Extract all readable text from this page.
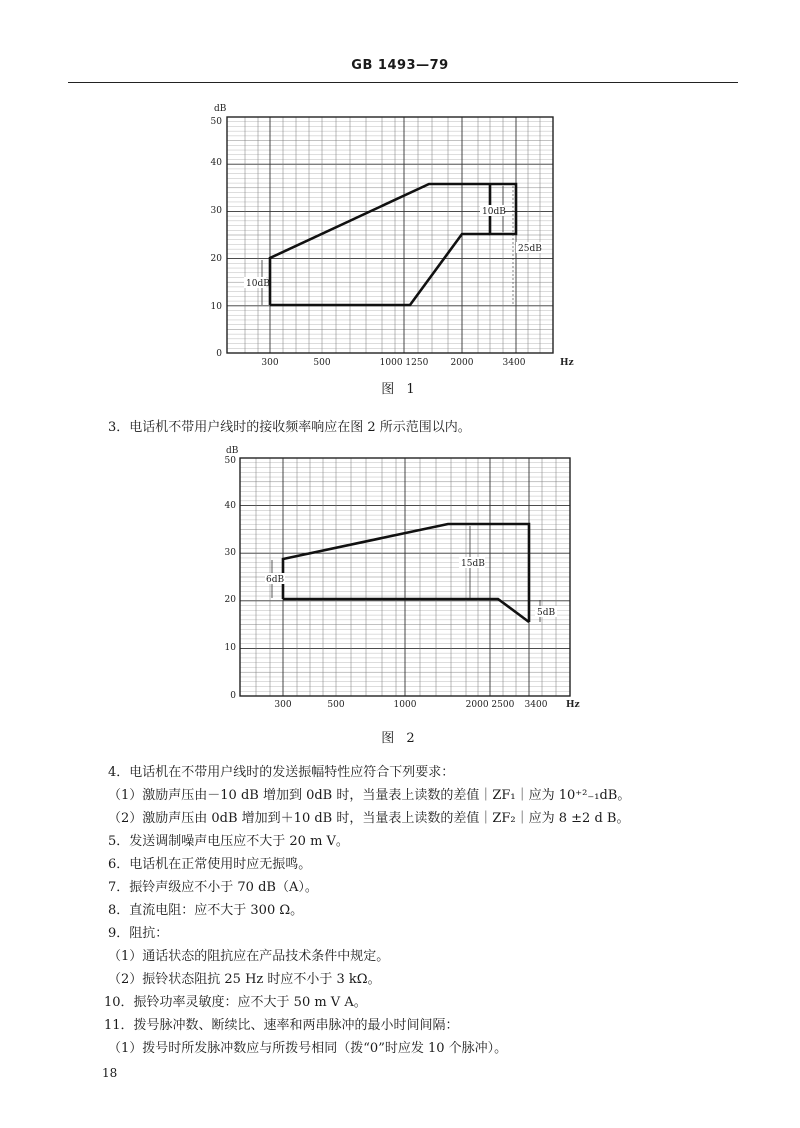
GB 1493—79
dB
50
40
30
20
10
0
300	500	1000 1250 2000	3400	Hz
10dB
10dB
25dB
图 1
3．电话机不带用户线时的接收频率响应在图 2 所示范围以内。
dB
50
40
30
20
10
0
300	500	1000	2000 2500 3400 Hz
6dB
15dB
5dB
图 2
4．电话机在不带用户线时的发送振幅特性应符合下列要求：
（1）激励声压由－10 dB 增加到 0dB 时，当量表上读数的差值｜ZF₁｜应为 10⁺²₋₁dB。
（2）激励声压由 0dB 增加到＋10 dB 时，当量表上读数的差值｜ZF₂｜应为 8 ±2 d B。
5．发送调制噪声电压应不大于 20 m V。
6．电话机在正常使用时应无振鸣。
7．振铃声级应不小于 70 dB（A）。
8．直流电阻：应不大于 300 Ω。
9．阻抗：
（1）通话状态的阻抗应在产品技术条件中规定。
（2）振铃状态阻抗 25 Hz 时应不小于 3 kΩ。
10．振铃功率灵敏度：应不大于 50 m V A。
11．拨号脉冲数、断续比、速率和两串脉冲的最小时间间隔：
（1）拨号时所发脉冲数应与所拨号相同（拨“0”时应发 10 个脉冲）。
18
